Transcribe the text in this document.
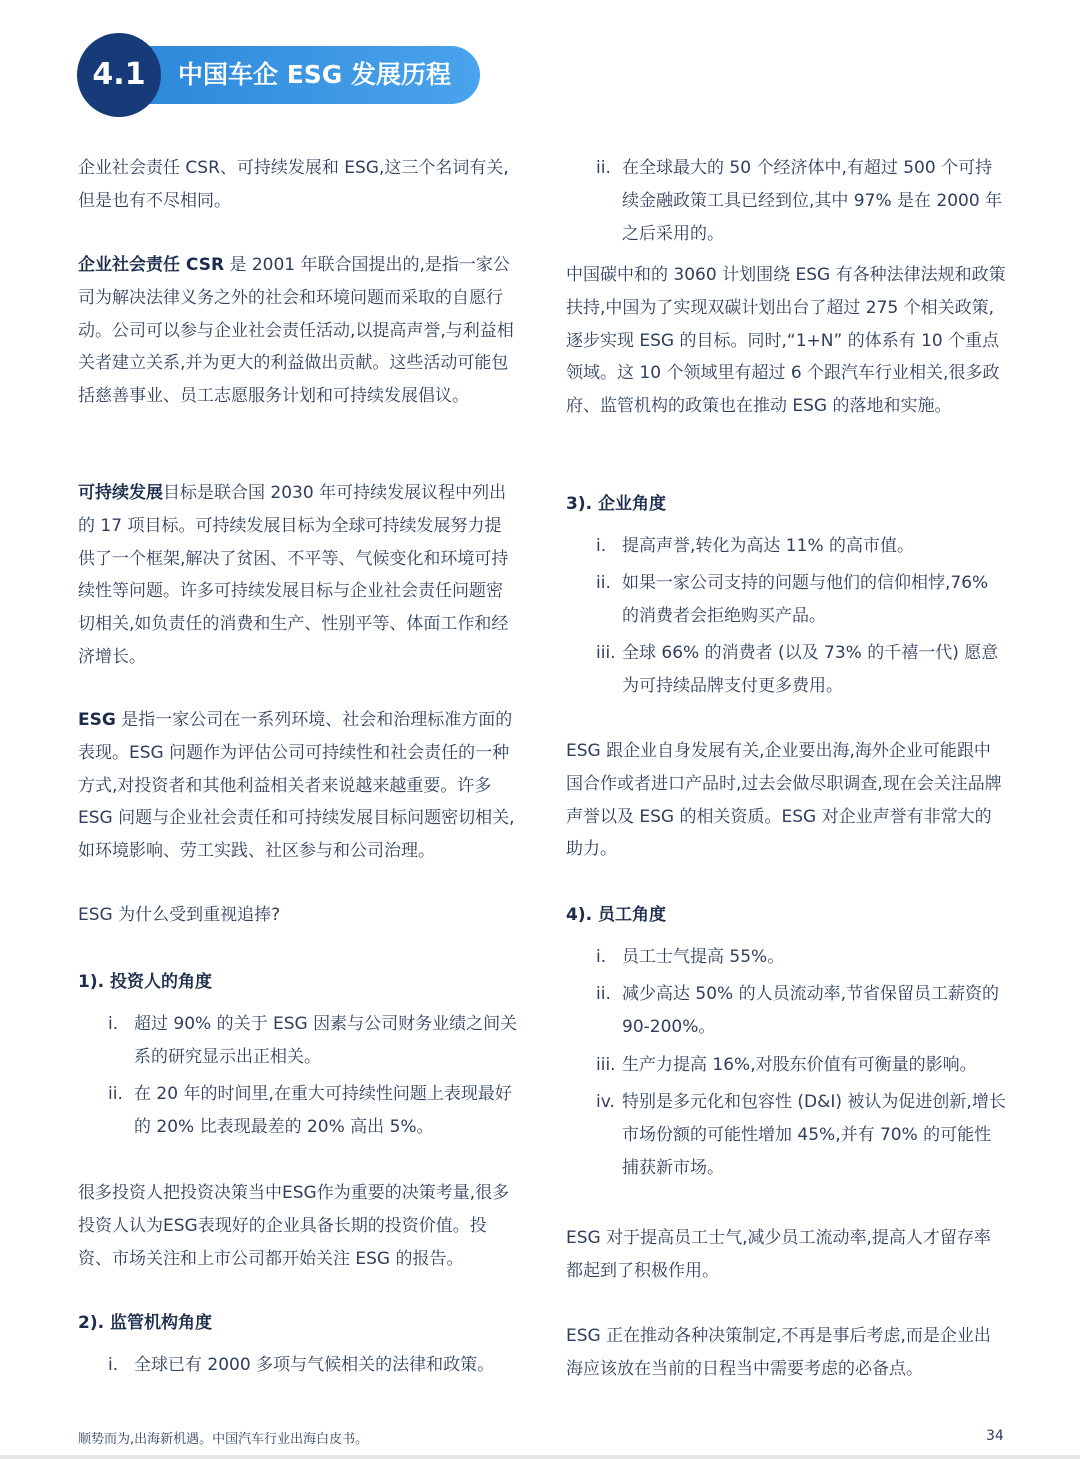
中国车企 ESG 发展历程
4.1

企业社会责任 CSR、可持续发展和 ESG,这三个名词有关,但是也有不尽相同。

企业社会责任 CSR 是 2001 年联合国提出的,是指一家公司为解决法律义务之外的社会和环境问题而采取的自愿行动。公司可以参与企业社会责任活动,以提高声誉,与利益相关者建立关系,并为更大的利益做出贡献。这些活动可能包括慈善事业、员工志愿服务计划和可持续发展倡议。

可持续发展目标是联合国 2030 年可持续发展议程中列出的 17 项目标。可持续发展目标为全球可持续发展努力提供了一个框架,解决了贫困、不平等、气候变化和环境可持续性等问题。许多可持续发展目标与企业社会责任问题密切相关,如负责任的消费和生产、性别平等、体面工作和经济增长。

ESG 是指一家公司在一系列环境、社会和治理标准方面的表现。ESG 问题作为评估公司可持续性和社会责任的一种方式,对投资者和其他利益相关者来说越来越重要。许多 ESG 问题与企业社会责任和可持续发展目标问题密切相关,如环境影响、劳工实践、社区参与和公司治理。

ESG 为什么受到重视追捧?

1). 投资人的角度

i. 超过 90% 的关于 ESG 因素与公司财务业绩之间关系的研究显示出正相关。
ii. 在 20 年的时间里,在重大可持续性问题上表现最好的 20% 比表现最差的 20% 高出 5%。

很多投资人把投资决策当中ESG作为重要的决策考量,很多投资人认为ESG表现好的企业具备长期的投资价值。投资、市场关注和上市公司都开始关注 ESG 的报告。

2). 监管机构角度

i. 全球已有 2000 多项与气候相关的法律和政策。
ii. 在全球最大的 50 个经济体中,有超过 500 个可持续金融政策工具已经到位,其中 97% 是在 2000 年之后采用的。

中国碳中和的 3060 计划围绕 ESG 有各种法律法规和政策扶持,中国为了实现双碳计划出台了超过 275 个相关政策,逐步实现 ESG 的目标。同时,“1+N” 的体系有 10 个重点领域。这 10 个领域里有超过 6 个跟汽车行业相关,很多政府、监管机构的政策也在推动 ESG 的落地和实施。

3). 企业角度

i. 提高声誉,转化为高达 11% 的高市值。
ii. 如果一家公司支持的问题与他们的信仰相悖,76% 的消费者会拒绝购买产品。
iii. 全球 66% 的消费者 (以及 73% 的千禧一代) 愿意为可持续品牌支付更多费用。

ESG 跟企业自身发展有关,企业要出海,海外企业可能跟中国合作或者进口产品时,过去会做尽职调查,现在会关注品牌声誉以及 ESG 的相关资质。ESG 对企业声誉有非常大的助力。

4). 员工角度

i. 员工士气提高 55%。
ii. 减少高达 50% 的人员流动率,节省保留员工薪资的 90-200%。
iii. 生产力提高 16%,对股东价值有可衡量的影响。
iv. 特别是多元化和包容性 (D&I) 被认为促进创新,增长市场份额的可能性增加 45%,并有 70% 的可能性捕获新市场。

ESG 对于提高员工士气,减少员工流动率,提高人才留存率都起到了积极作用。

ESG 正在推动各种决策制定,不再是事后考虑,而是企业出海应该放在当前的日程当中需要考虑的必备点。

顺势而为,出海新机遇。中国汽车行业出海白皮书。	34
